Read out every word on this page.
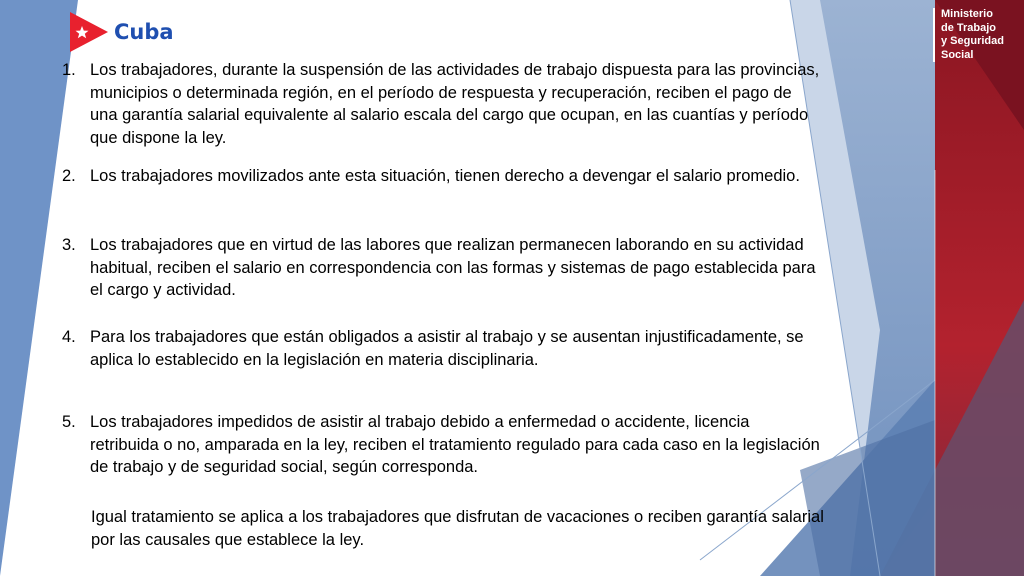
Cuba
Ministerio
de Trabajo
y Seguridad
Social
1. Los trabajadores, durante la suspensión de las actividades de trabajo dispuesta para las provincias, municipios o determinada región, en el período de respuesta y recuperación, reciben el pago de una garantía salarial equivalente al salario escala del cargo que ocupan, en las cuantías y período que dispone la ley.
2. Los trabajadores movilizados ante esta situación, tienen derecho a devengar el salario promedio.
3. Los trabajadores que en virtud de las labores que realizan permanecen laborando en su actividad habitual, reciben el salario en correspondencia con las formas y sistemas de pago establecida para el cargo y actividad.
4. Para los trabajadores que están obligados a asistir al trabajo y se ausentan injustificadamente, se aplica lo establecido en la legislación en materia disciplinaria.
5. Los trabajadores impedidos de asistir al trabajo debido a enfermedad o accidente, licencia retribuida o no, amparada en la ley, reciben el tratamiento regulado para cada caso en la legislación de trabajo y de seguridad social, según corresponda.
Igual tratamiento se aplica a los trabajadores que disfrutan de vacaciones o reciben garantía salarial por las causales que establece la ley.
